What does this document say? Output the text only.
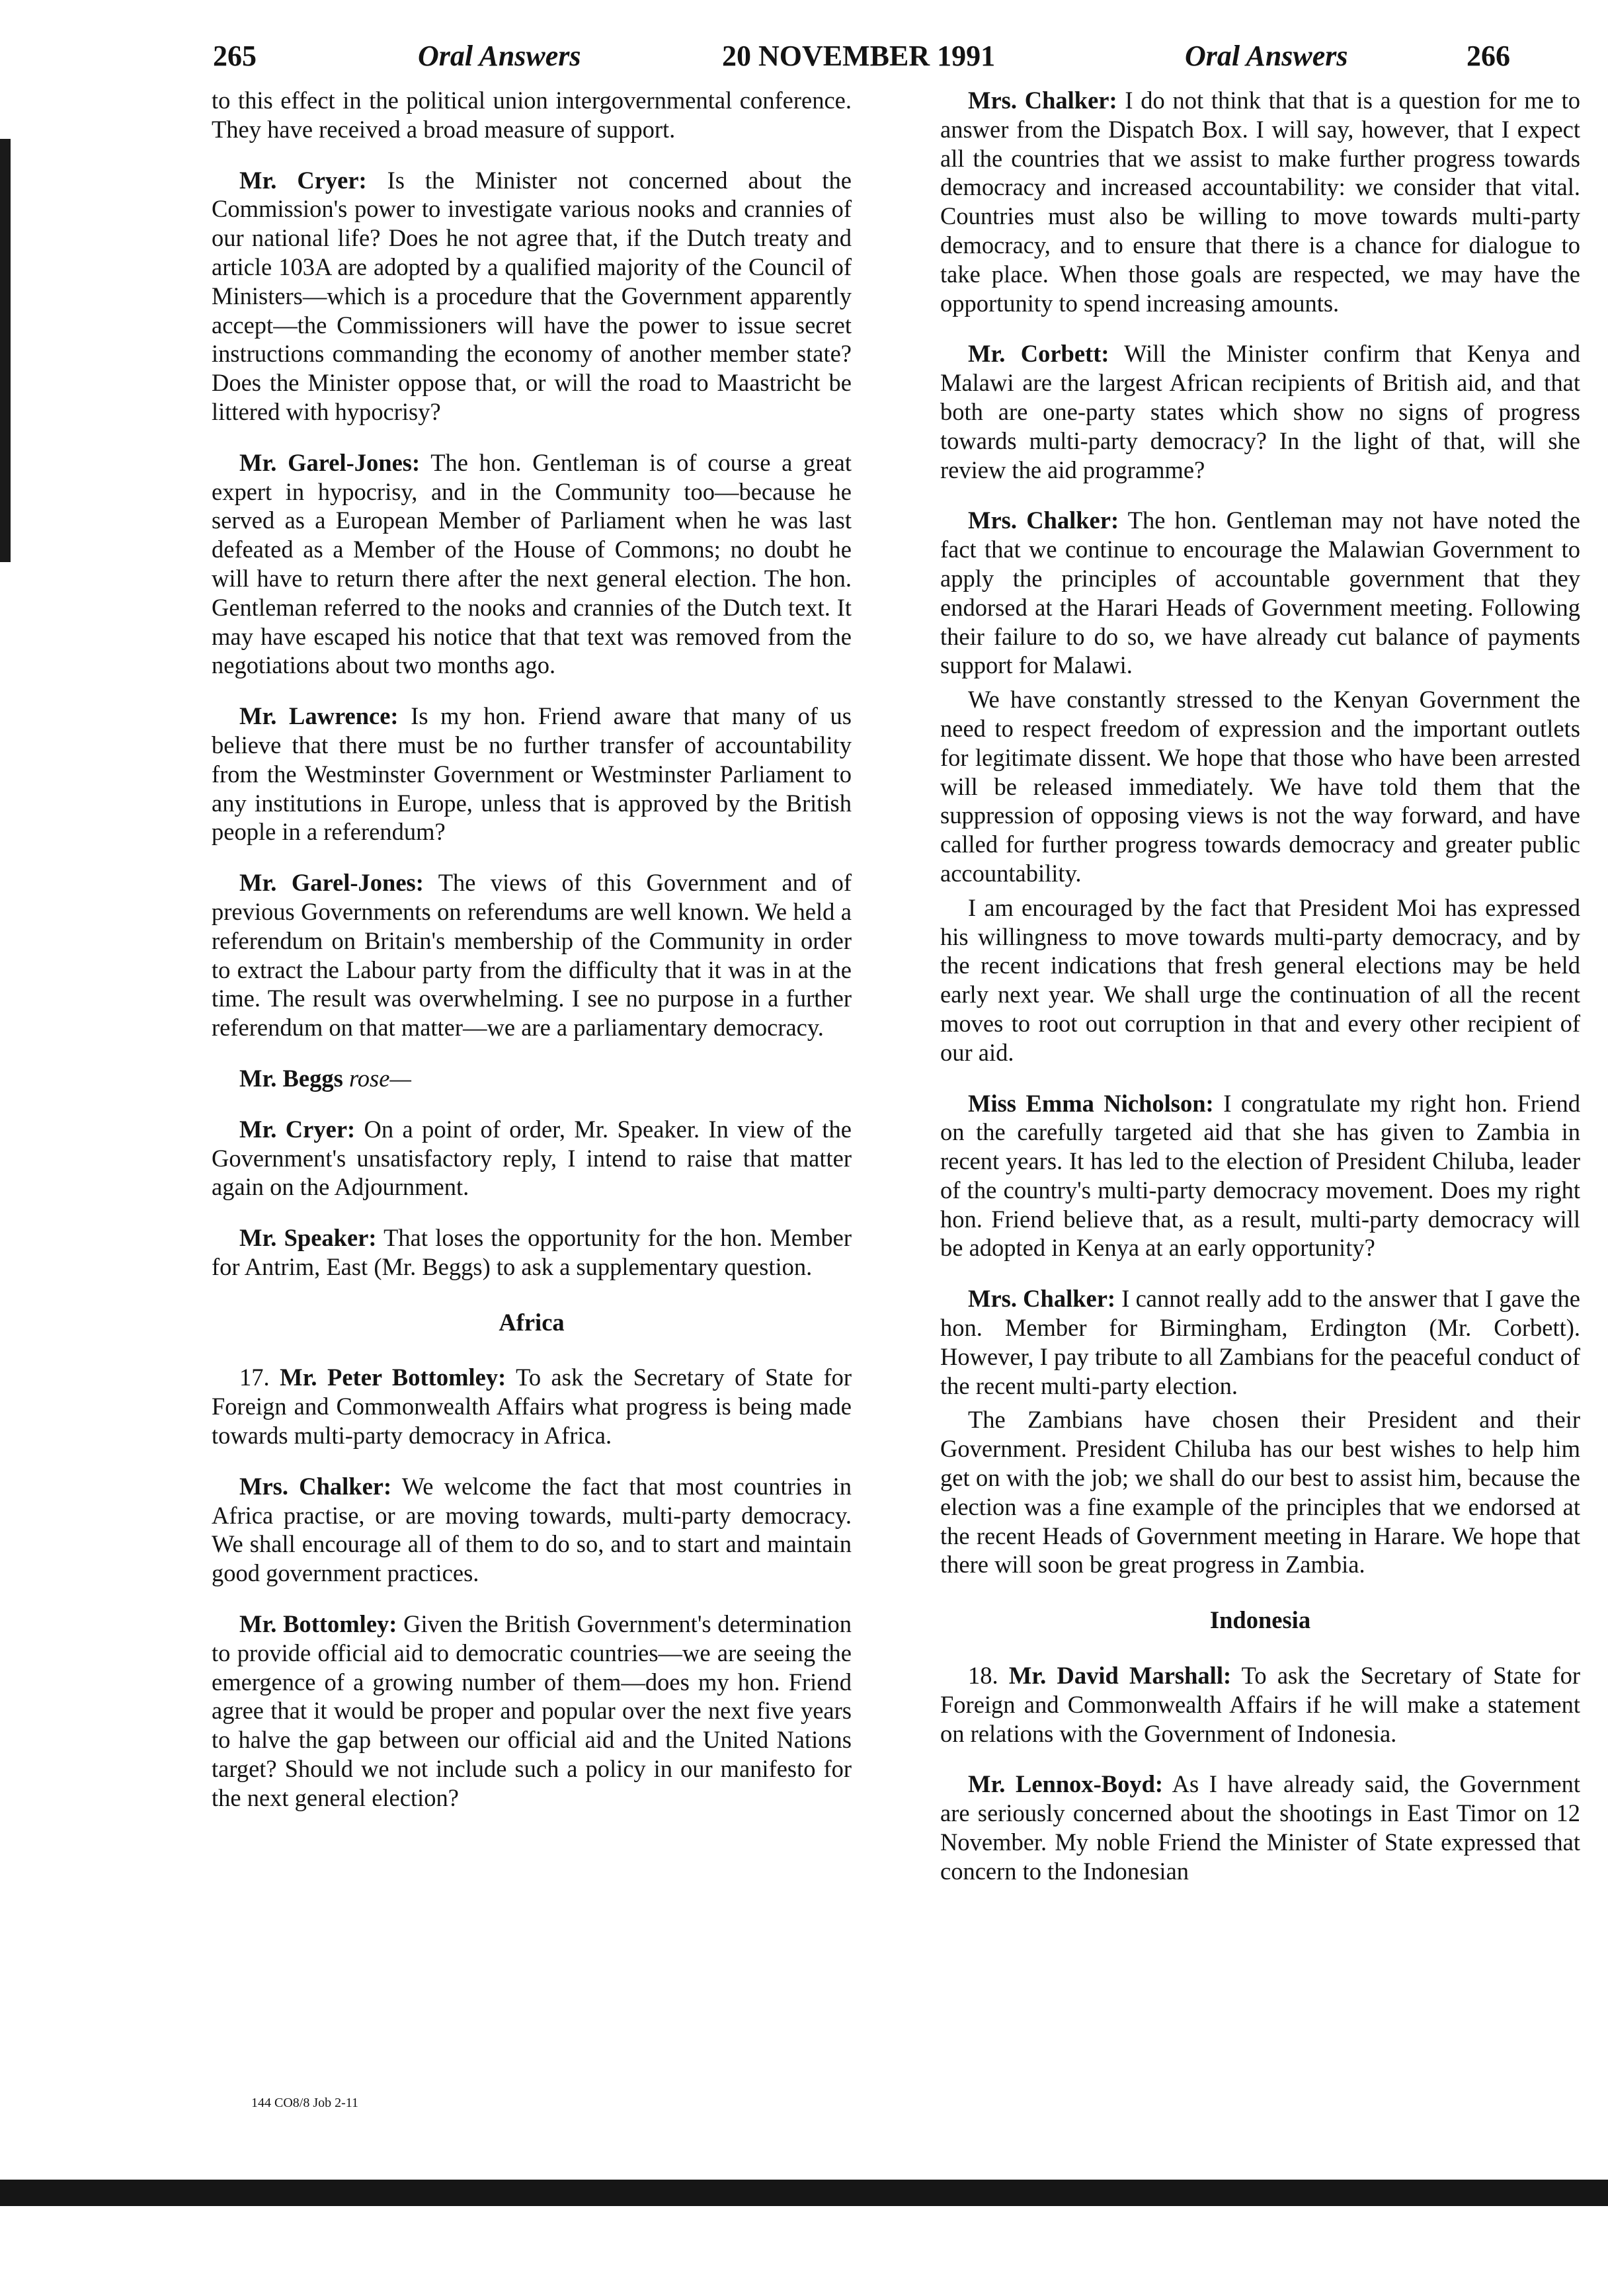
265	Oral Answers	20 NOVEMBER 1991	Oral Answers	266

to this effect in the political union intergovernmental conference. They have received a broad measure of support.

Mr. Cryer: Is the Minister not concerned about the Commission's power to investigate various nooks and crannies of our national life? Does he not agree that, if the Dutch treaty and article 103A are adopted by a qualified majority of the Council of Ministers—which is a procedure that the Government apparently accept—the Commissioners will have the power to issue secret instructions commanding the economy of another member state? Does the Minister oppose that, or will the road to Maastricht be littered with hypocrisy?

Mr. Garel-Jones: The hon. Gentleman is of course a great expert in hypocrisy, and in the Community too—because he served as a European Member of Parliament when he was last defeated as a Member of the House of Commons; no doubt he will have to return there after the next general election. The hon. Gentleman referred to the nooks and crannies of the Dutch text. It may have escaped his notice that that text was removed from the negotiations about two months ago.

Mr. Lawrence: Is my hon. Friend aware that many of us believe that there must be no further transfer of accountability from the Westminster Government or Westminster Parliament to any institutions in Europe, unless that is approved by the British people in a referendum?

Mr. Garel-Jones: The views of this Government and of previous Governments on referendums are well known. We held a referendum on Britain's membership of the Community in order to extract the Labour party from the difficulty that it was in at the time. The result was overwhelming. I see no purpose in a further referendum on that matter—we are a parliamentary democracy.

Mr. Beggs rose—

Mr. Cryer: On a point of order, Mr. Speaker. In view of the Government's unsatisfactory reply, I intend to raise that matter again on the Adjournment.

Mr. Speaker: That loses the opportunity for the hon. Member for Antrim, East (Mr. Beggs) to ask a supplementary question.

Africa

17. Mr. Peter Bottomley: To ask the Secretary of State for Foreign and Commonwealth Affairs what progress is being made towards multi-party democracy in Africa.

Mrs. Chalker: We welcome the fact that most countries in Africa practise, or are moving towards, multi-party democracy. We shall encourage all of them to do so, and to start and maintain good government practices.

Mr. Bottomley: Given the British Government's determination to provide official aid to democratic countries—we are seeing the emergence of a growing number of them—does my hon. Friend agree that it would be proper and popular over the next five years to halve the gap between our official aid and the United Nations target? Should we not include such a policy in our manifesto for the next general election?

Mrs. Chalker: I do not think that that is a question for me to answer from the Dispatch Box. I will say, however, that I expect all the countries that we assist to make further progress towards democracy and increased accountability: we consider that vital. Countries must also be willing to move towards multi-party democracy, and to ensure that there is a chance for dialogue to take place. When those goals are respected, we may have the opportunity to spend increasing amounts.

Mr. Corbett: Will the Minister confirm that Kenya and Malawi are the largest African recipients of British aid, and that both are one-party states which show no signs of progress towards multi-party democracy? In the light of that, will she review the aid programme?

Mrs. Chalker: The hon. Gentleman may not have noted the fact that we continue to encourage the Malawian Government to apply the principles of accountable government that they endorsed at the Harari Heads of Government meeting. Following their failure to do so, we have already cut balance of payments support for Malawi.

We have constantly stressed to the Kenyan Government the need to respect freedom of expression and the important outlets for legitimate dissent. We hope that those who have been arrested will be released immediately. We have told them that the suppression of opposing views is not the way forward, and have called for further progress towards democracy and greater public accountability.

I am encouraged by the fact that President Moi has expressed his willingness to move towards multi-party democracy, and by the recent indications that fresh general elections may be held early next year. We shall urge the continuation of all the recent moves to root out corruption in that and every other recipient of our aid.

Miss Emma Nicholson: I congratulate my right hon. Friend on the carefully targeted aid that she has given to Zambia in recent years. It has led to the election of President Chiluba, leader of the country's multi-party democracy movement. Does my right hon. Friend believe that, as a result, multi-party democracy will be adopted in Kenya at an early opportunity?

Mrs. Chalker: I cannot really add to the answer that I gave the hon. Member for Birmingham, Erdington (Mr. Corbett). However, I pay tribute to all Zambians for the peaceful conduct of the recent multi-party election.

The Zambians have chosen their President and their Government. President Chiluba has our best wishes to help him get on with the job; we shall do our best to assist him, because the election was a fine example of the principles that we endorsed at the recent Heads of Government meeting in Harare. We hope that there will soon be great progress in Zambia.

Indonesia

18. Mr. David Marshall: To ask the Secretary of State for Foreign and Commonwealth Affairs if he will make a statement on relations with the Government of Indonesia.

Mr. Lennox-Boyd: As I have already said, the Government are seriously concerned about the shootings in East Timor on 12 November. My noble Friend the Minister of State expressed that concern to the Indonesian

144 CO8/8 Job 2-11
